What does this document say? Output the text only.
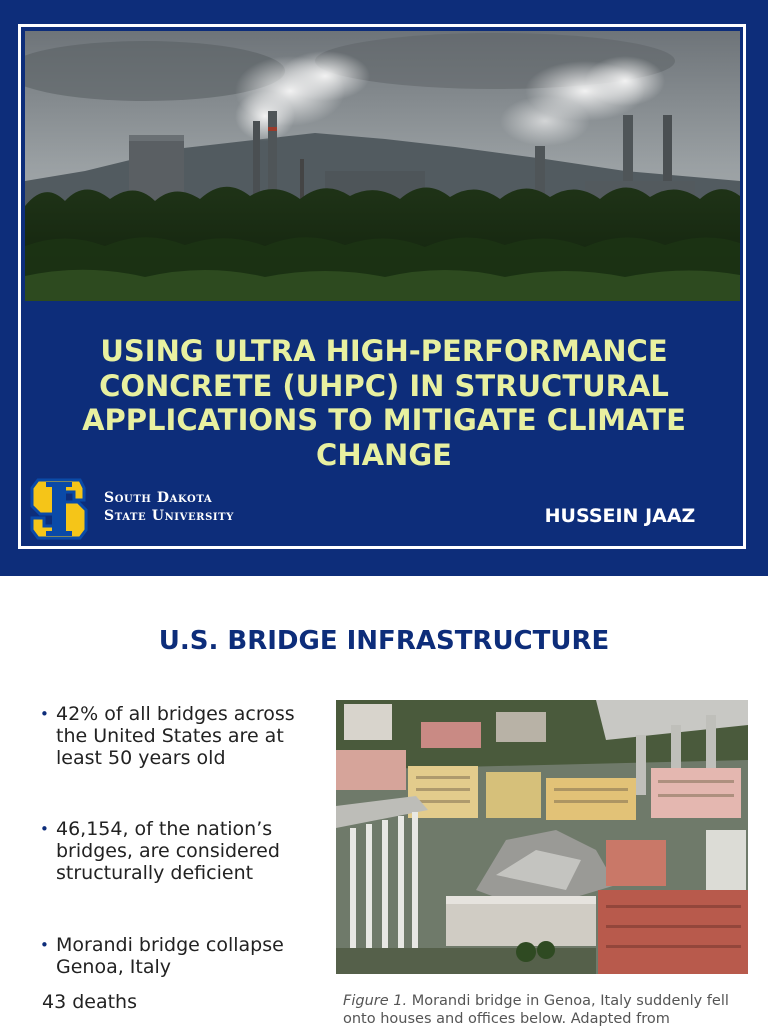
USING ULTRA HIGH-PERFORMANCE CONCRETE (UHPC) IN STRUCTURAL APPLICATIONS TO MITIGATE CLIMATE CHANGE
South Dakota
State University	HUSSEIN JAAZ
U.S. BRIDGE INFRASTRUCTURE
• 42% of all bridges across the United States are at least 50 years old
• 46,154, of the nation’s bridges, are considered structurally deficient
• Morandi bridge collapse Genoa, Italy
43 deaths	Figure 1. Morandi bridge in Genoa, Italy suddenly fell onto houses and offices below. Adapted from
